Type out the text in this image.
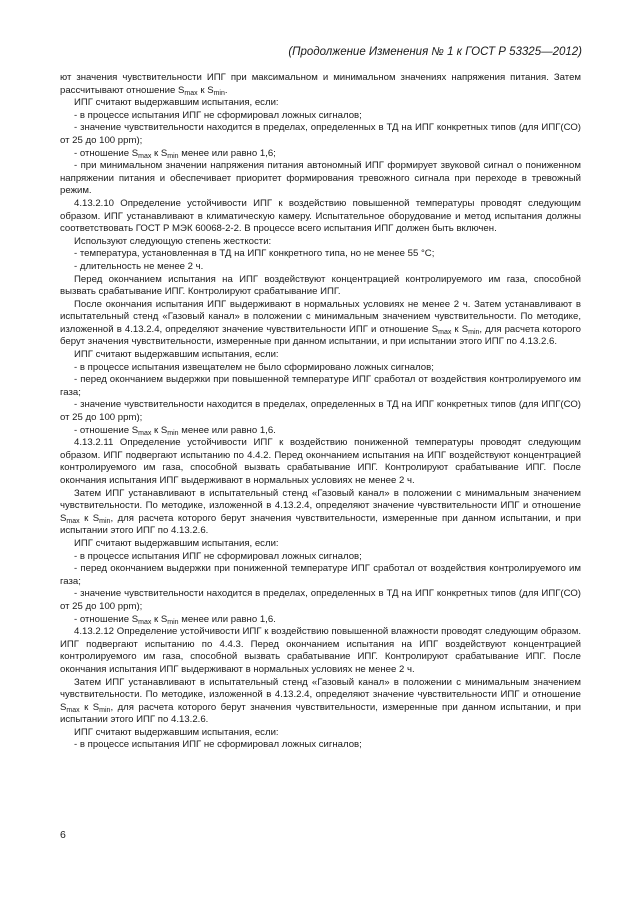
(Продолжение Изменения № 1 к ГОСТ Р 53325—2012)

ют значения чувствительности ИПГ при максимальном и минимальном значениях напряжения питания. Затем рассчитывают отношение $S_{max}$ к $S_{min}$.

ИПГ считают выдержавшим испытания, если:

- в процессе испытания ИПГ не сформировал ложных сигналов;

- значение чувствительности находится в пределах, определенных в ТД на ИПГ конкретных типов (для ИПГ(СО) от 25 до 100 ppm);

- отношение $S_{max}$ к $S_{min}$ менее или равно 1,6;

- при минимальном значении напряжения питания автономный ИПГ формирует звуковой сигнал о пониженном напряжении питания и обеспечивает приоритет формирования тревожного сигнала при переходе в тревожный режим.

4.13.2.10 Определение устойчивости ИПГ к воздействию повышенной температуры проводят следующим образом. ИПГ устанавливают в климатическую камеру. Испытательное оборудование и метод испытания должны соответствовать ГОСТ Р МЭК 60068-2-2. В процессе всего испытания ИПГ должен быть включен.

Используют следующую степень жесткости:

- температура, установленная в ТД на ИПГ конкретного типа, но не менее 55 °С;

- длительность не менее 2 ч.

Перед окончанием испытания на ИПГ воздействуют концентрацией контролируемого им газа, способной вызвать срабатывание ИПГ. Контролируют срабатывание ИПГ.

После окончания испытания ИПГ выдерживают в нормальных условиях не менее 2 ч. Затем устанавливают в испытательный стенд «Газовый канал» в положении с минимальным значением чувствительности. По методике, изложенной в 4.13.2.4, определяют значение чувствительности ИПГ и отношение $S_{max}$ к $S_{min}$, для расчета которого берут значения чувствительности, измеренные при данном испытании, и при испытании этого ИПГ по 4.13.2.6.

ИПГ считают выдержавшим испытания, если:

- в процессе испытания извещателем не было сформировано ложных сигналов;

- перед окончанием выдержки при повышенной температуре ИПГ сработал от воздействия контролируемого им газа;

- значение чувствительности находится в пределах, определенных в ТД на ИПГ конкретных типов (для ИПГ(СО) от 25 до 100 ppm);

- отношение $S_{max}$ к $S_{min}$ менее или равно 1,6.

4.13.2.11 Определение устойчивости ИПГ к воздействию пониженной температуры проводят следующим образом. ИПГ подвергают испытанию по 4.4.2. Перед окончанием испытания на ИПГ воздействуют концентрацией контролируемого им газа, способной вызвать срабатывание ИПГ. Контролируют срабатывание ИПГ. После окончания испытания ИПГ выдерживают в нормальных условиях не менее 2 ч.

Затем ИПГ устанавливают в испытательный стенд «Газовый канал» в положении с минимальным значением чувствительности. По методике, изложенной в 4.13.2.4, определяют значение чувствительности ИПГ и отношение $S_{max}$ к $S_{min}$, для расчета которого берут значения чувствительности, измеренные при данном испытании, и при испытании этого ИПГ по 4.13.2.6.

ИПГ считают выдержавшим испытания, если:

- в процессе испытания ИПГ не сформировал ложных сигналов;

- перед окончанием выдержки при пониженной температуре ИПГ сработал от воздействия контролируемого им газа;

- значение чувствительности находится в пределах, определенных в ТД на ИПГ конкретных типов (для ИПГ(СО) от 25 до 100 ppm);

- отношение $S_{max}$ к $S_{min}$ менее или равно 1,6.

4.13.2.12 Определение устойчивости ИПГ к воздействию повышенной влажности проводят следующим образом. ИПГ подвергают испытанию по 4.4.3. Перед окончанием испытания на ИПГ воздействуют концентрацией контролируемого им газа, способной вызвать срабатывание ИПГ. Контролируют срабатывание ИПГ. После окончания испытания ИПГ выдерживают в нормальных условиях не менее 2 ч.

Затем ИПГ устанавливают в испытательный стенд «Газовый канал» в положении с минимальным значением чувствительности. По методике, изложенной в 4.13.2.4, определяют значение чувствительности ИПГ и отношение $S_{max}$ к $S_{min}$, для расчета которого берут значения чувствительности, измеренные при данном испытании, и при испытании этого ИПГ по 4.13.2.6.

ИПГ считают выдержавшим испытания, если:

- в процессе испытания ИПГ не сформировал ложных сигналов;

6
